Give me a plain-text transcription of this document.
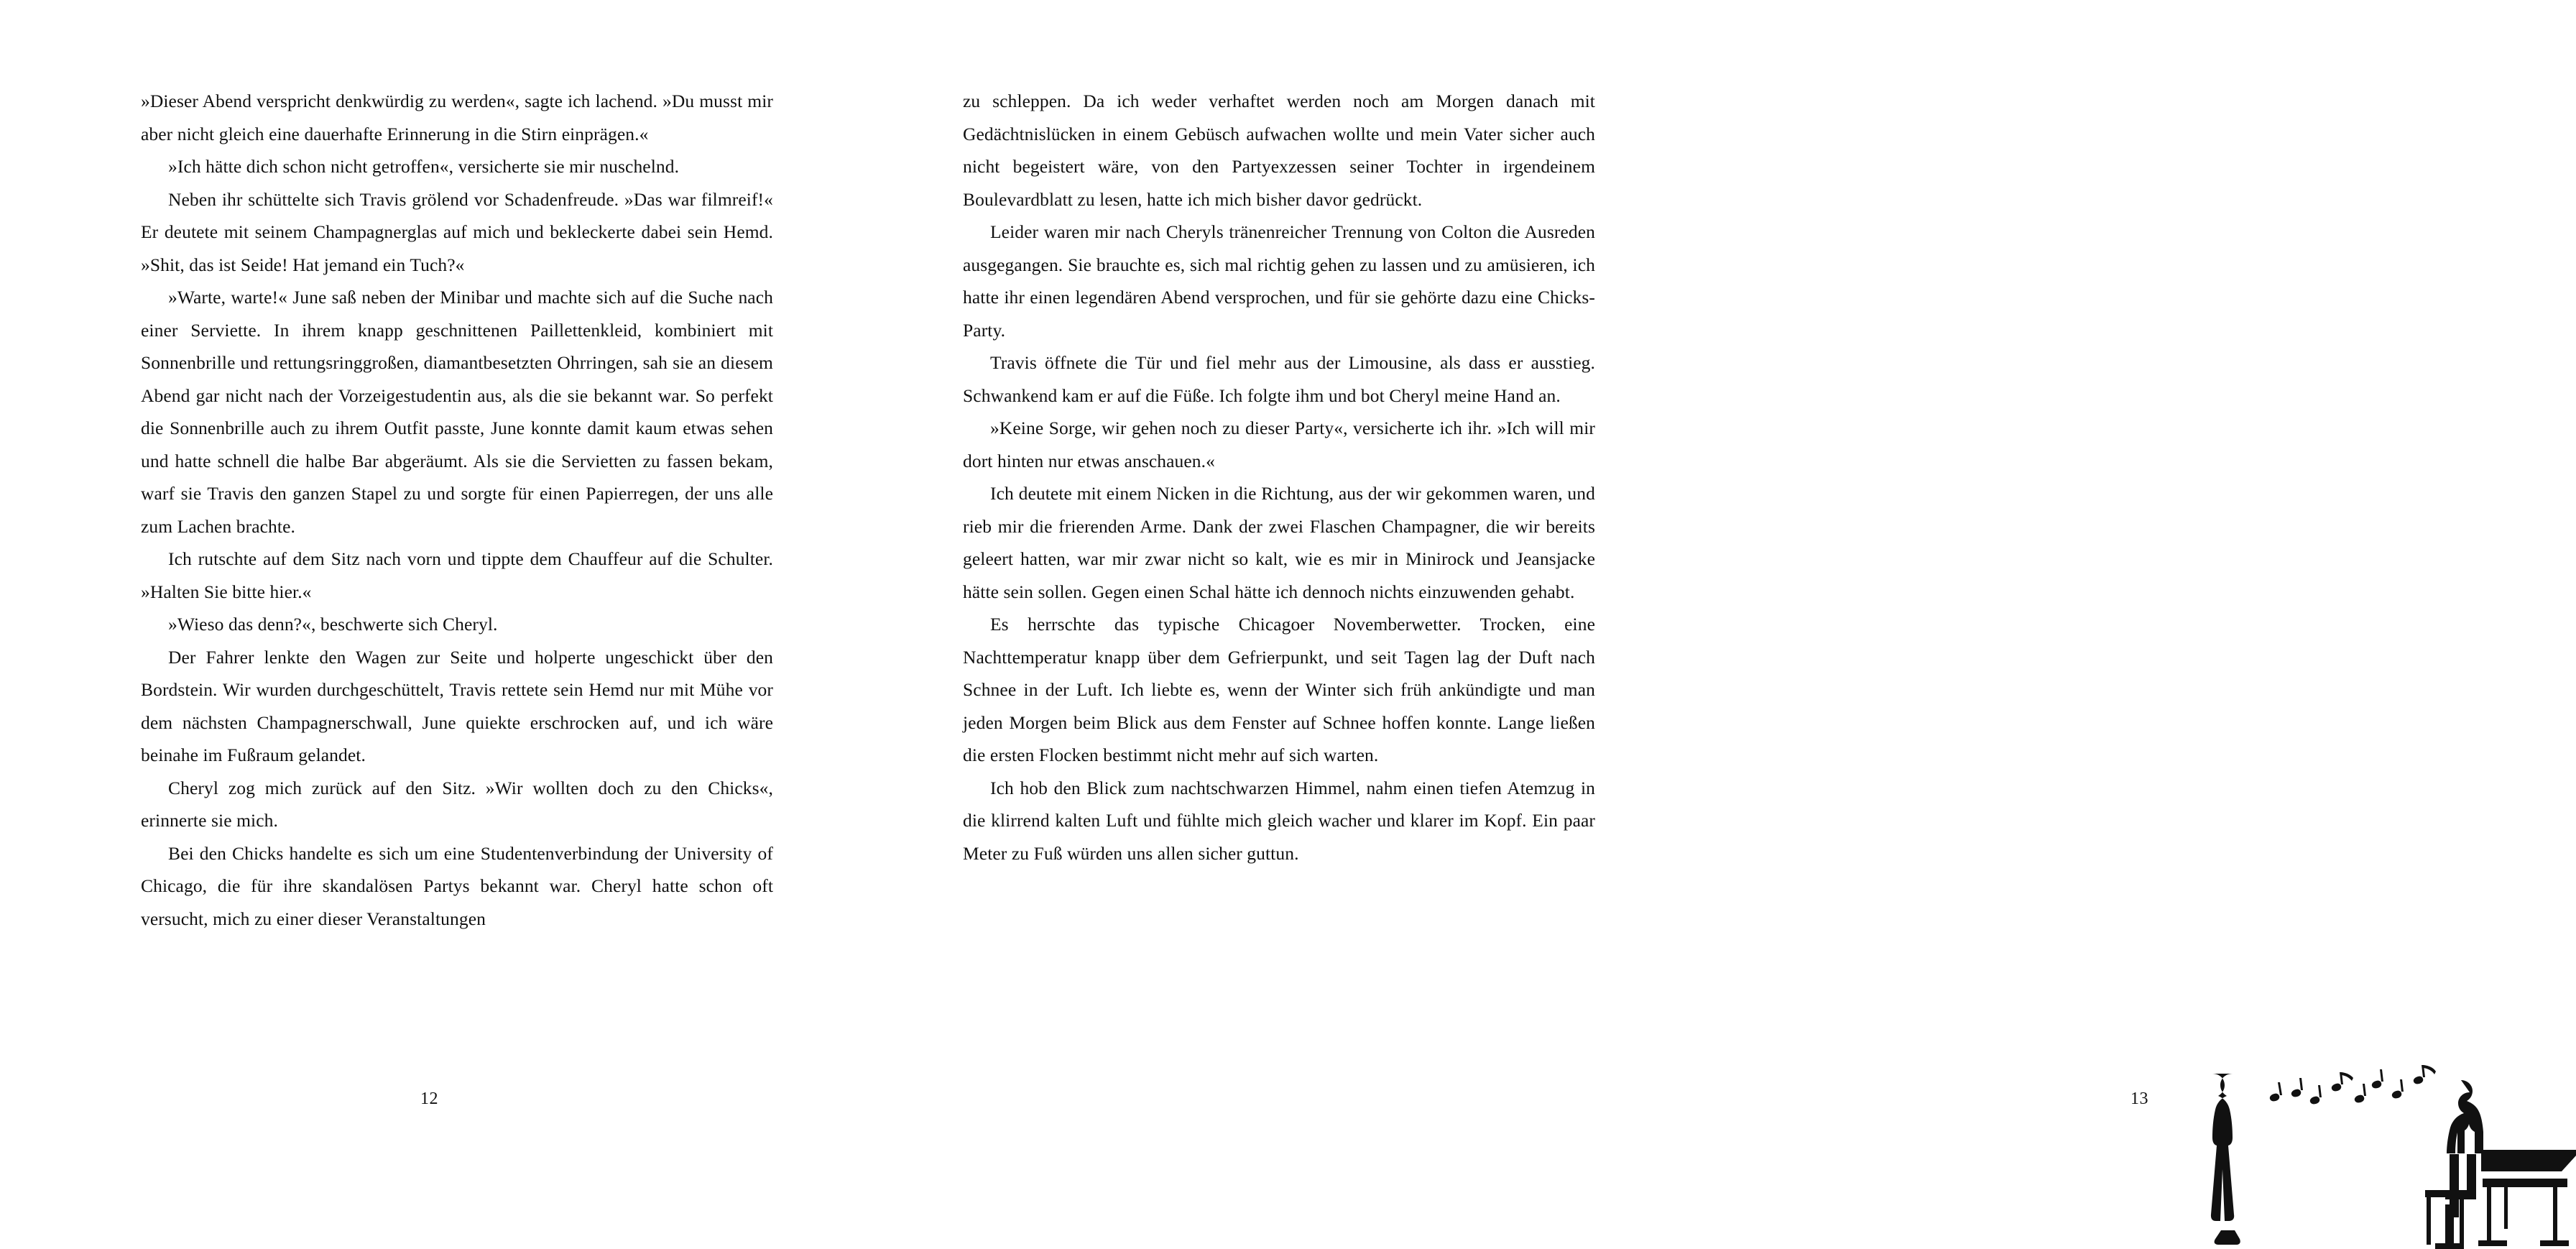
»Dieser Abend verspricht denkwürdig zu werden«, sagte ich lachend. »Du musst mir aber nicht gleich eine dauerhafte Erinnerung in die Stirn einprägen.«

»Ich hätte dich schon nicht getroffen«, versicherte sie mir nuschelnd.

Neben ihr schüttelte sich Travis grölend vor Schadenfreude. »Das war filmreif!« Er deutete mit seinem Champagnerglas auf mich und bekleckerte dabei sein Hemd. »Shit, das ist Seide! Hat jemand ein Tuch?«

»Warte, warte!« June saß neben der Minibar und machte sich auf die Suche nach einer Serviette. In ihrem knapp geschnittenen Paillettenkleid, kombiniert mit Sonnenbrille und rettungsringgroßen, diamantbesetzten Ohrringen, sah sie an diesem Abend gar nicht nach der Vorzeigestudentin aus, als die sie bekannt war. So perfekt die Sonnenbrille auch zu ihrem Outfit passte, June konnte damit kaum etwas sehen und hatte schnell die halbe Bar abgeräumt. Als sie die Servietten zu fassen bekam, warf sie Travis den ganzen Stapel zu und sorgte für einen Papierregen, der uns alle zum Lachen brachte.

Ich rutschte auf dem Sitz nach vorn und tippte dem Chauffeur auf die Schulter. »Halten Sie bitte hier.«

»Wieso das denn?«, beschwerte sich Cheryl.

Der Fahrer lenkte den Wagen zur Seite und holperte ungeschickt über den Bordstein. Wir wurden durchgeschüttelt, Travis rettete sein Hemd nur mit Mühe vor dem nächsten Champagnerschwall, June quiekte erschrocken auf, und ich wäre beinahe im Fußraum gelandet.

Cheryl zog mich zurück auf den Sitz. »Wir wollten doch zu den Chicks«, erinnerte sie mich.

Bei den Chicks handelte es sich um eine Studentenverbindung der University of Chicago, die für ihre skandalösen Partys bekannt war. Cheryl hatte schon oft versucht, mich zu einer dieser Veranstaltungen

12

zu schleppen. Da ich weder verhaftet werden noch am Morgen danach mit Gedächtnislücken in einem Gebüsch aufwachen wollte und mein Vater sicher auch nicht begeistert wäre, von den Partyexzessen seiner Tochter in irgendeinem Boulevardblatt zu lesen, hatte ich mich bisher davor gedrückt.

Leider waren mir nach Cheryls tränenreicher Trennung von Colton die Ausreden ausgegangen. Sie brauchte es, sich mal richtig gehen zu lassen und zu amüsieren, ich hatte ihr einen legendären Abend versprochen, und für sie gehörte dazu eine Chicks-Party.

Travis öffnete die Tür und fiel mehr aus der Limousine, als dass er ausstieg. Schwankend kam er auf die Füße. Ich folgte ihm und bot Cheryl meine Hand an.

»Keine Sorge, wir gehen noch zu dieser Party«, versicherte ich ihr. »Ich will mir dort hinten nur etwas anschauen.«

Ich deutete mit einem Nicken in die Richtung, aus der wir gekommen waren, und rieb mir die frierenden Arme. Dank der zwei Flaschen Champagner, die wir bereits geleert hatten, war mir zwar nicht so kalt, wie es mir in Minirock und Jeansjacke hätte sein sollen. Gegen einen Schal hätte ich dennoch nichts einzuwenden gehabt.

Es herrschte das typische Chicagoer Novemberwetter. Trocken, eine Nachttemperatur knapp über dem Gefrierpunkt, und seit Tagen lag der Duft nach Schnee in der Luft. Ich liebte es, wenn der Winter sich früh ankündigte und man jeden Morgen beim Blick aus dem Fenster auf Schnee hoffen konnte. Lange ließen die ersten Flocken bestimmt nicht mehr auf sich warten.

Ich hob den Blick zum nachtschwarzen Himmel, nahm einen tiefen Atemzug in die klirrend kalten Luft und fühlte mich gleich wacher und klarer im Kopf. Ein paar Meter zu Fuß würden uns allen sicher guttun.

13
